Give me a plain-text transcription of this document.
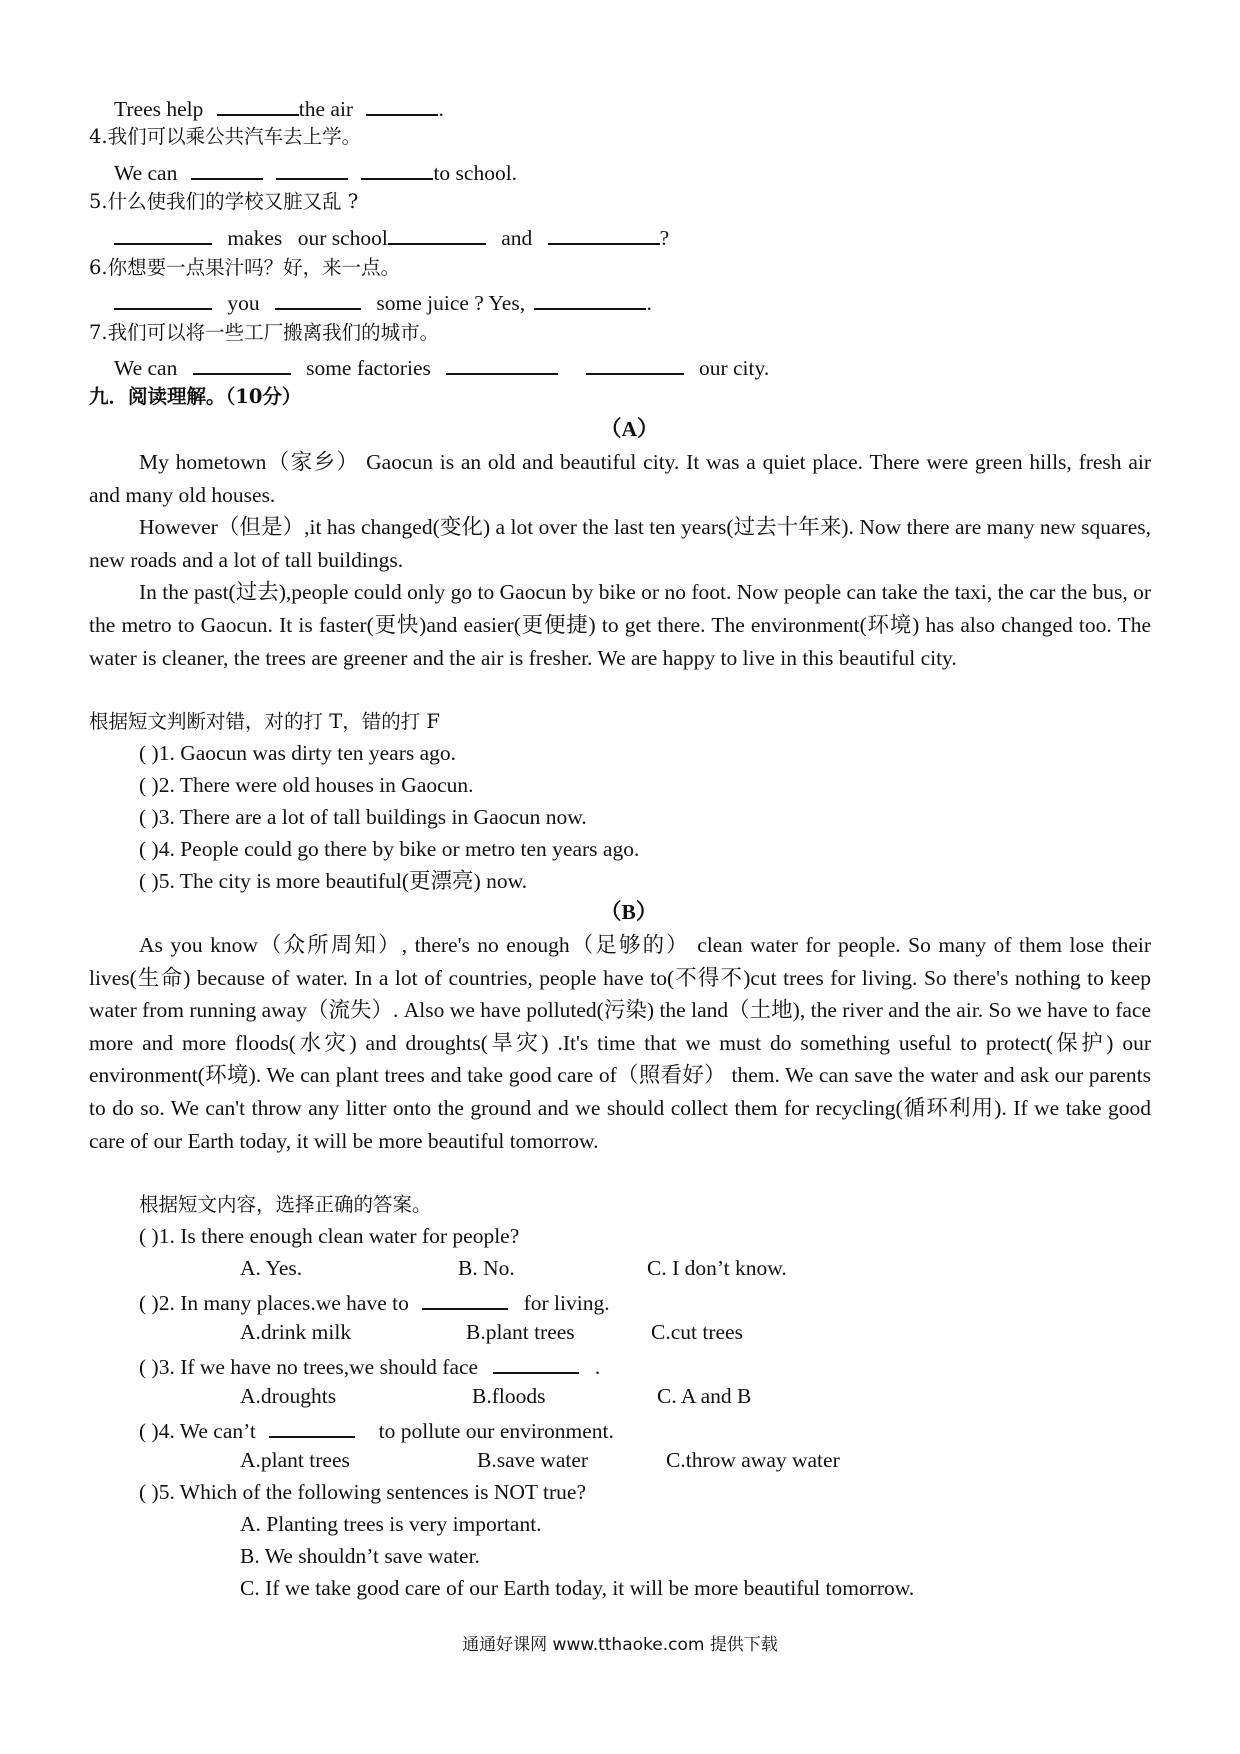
Trees help	the air	.
4.我们可以乘公共汽车去上学。
We can	to school.
5.什么使我们的学校又脏又乱 ?
makes our school	and	?
6.你想要一点果汁吗？好，来一点。
you	some juice ? Yes,	.
7.我们可以将一些工厂搬离我们的城市。
We can	some factories	our city.
九．阅读理解。（10分）
（A）
My hometown（家乡） Gaocun is an old and beautiful city. It was a quiet place. There were green hills, fresh air and many old houses.
However（但是）,it has changed(变化) a lot over the last ten years(过去十年来). Now there are many new squares, new roads and a lot of tall buildings.
In the past(过去),people could only go to Gaocun by bike or no foot. Now people can take the taxi, the car the bus, or the metro to Gaocun. It is faster(更快)and easier(更便捷) to get there. The environment(环境) has also changed too. The water is cleaner, the trees are greener and the air is fresher. We are happy to live in this beautiful city.
根据短文判断对错，对的打 T，错的打 F
( )1. Gaocun was dirty ten years ago.
( )2. There were old houses in Gaocun.
( )3. There are a lot of tall buildings in Gaocun now.
( )4. People could go there by bike or metro ten years ago.
( )5. The city is more beautiful(更漂亮) now.
（B）
As you know（众所周知）, there's no enough（足够的） clean water for people. So many of them lose their lives(生命) because of water. In a lot of countries, people have to(不得不)cut trees for living. So there's nothing to keep water from running away（流失）. Also we have polluted(污染) the land（土地), the river and the air. So we have to face more and more floods(水灾) and droughts(旱灾) .It's time that we must do something useful to protect(保护) our environment(环境). We can plant trees and take good care of（照看好） them. We can save the water and ask our parents to do so. We can't throw any litter onto the ground and we should collect them for recycling(循环利用). If we take good care of our Earth today, it will be more beautiful tomorrow.
根据短文内容，选择正确的答案。
( )1. Is there enough clean water for people?
A. Yes.	B. No.	C. I don’t know.
( )2. In many places.we have to	for living.
A.drink milk	B.plant trees	C.cut trees
( )3. If we have no trees,we should face	.
A.droughts	B.floods	C. A and B
( )4. We can’t	to pollute our environment.
A.plant trees	B.save water	C.throw away water
( )5. Which of the following sentences is NOT true?
A. Planting trees is very important.
B. We shouldn’t save water.
C. If we take good care of our Earth today, it will be more beautiful tomorrow.
通通好课网 www.tthaoke.com 提供下载
